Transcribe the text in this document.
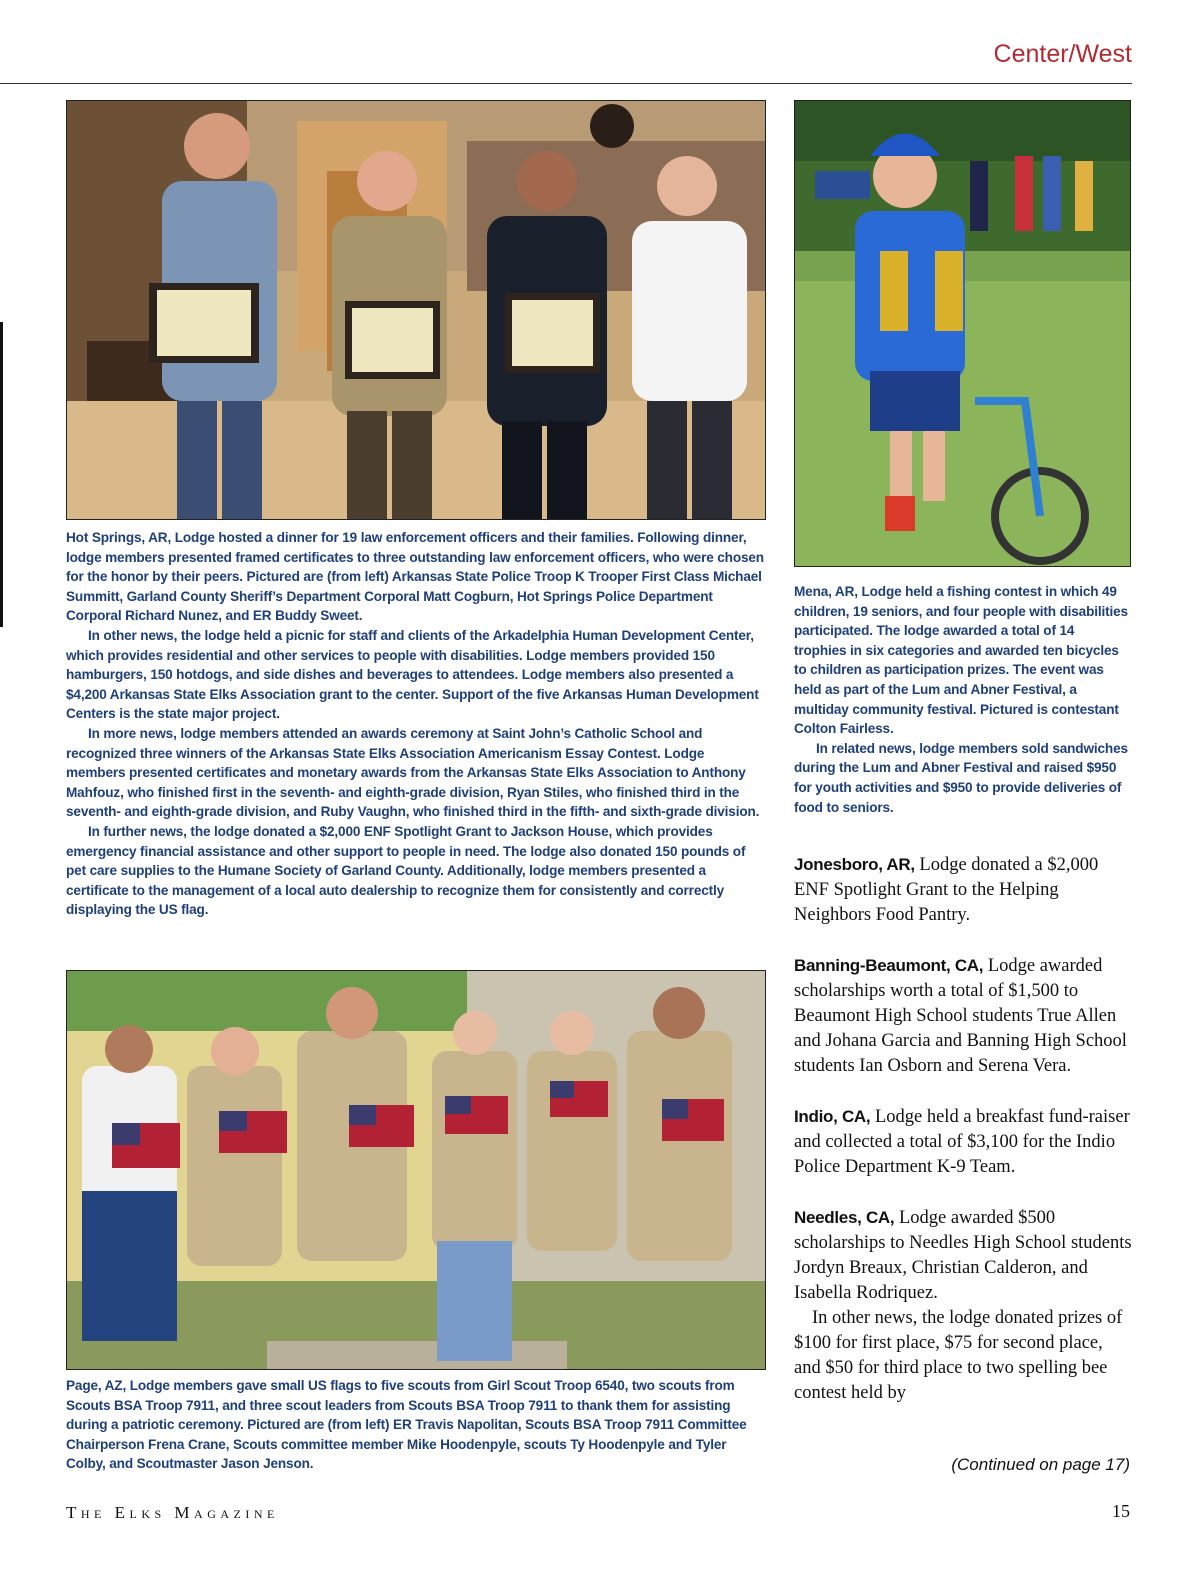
Center/West

Hot Springs, AR, Lodge hosted a dinner for 19 law enforcement officers and their families. Following dinner, lodge members presented framed certificates to three outstanding law enforcement officers, who were chosen for the honor by their peers. Pictured are (from left) Arkansas State Police Troop K Trooper First Class Michael Summitt, Garland County Sheriff’s Department Corporal Matt Cogburn, Hot Springs Police Department Corporal Richard Nunez, and ER Buddy Sweet.

In other news, the lodge held a picnic for staff and clients of the Arkadelphia Human Development Center, which provides residential and other services to people with disabilities. Lodge members provided 150 hamburgers, 150 hotdogs, and side dishes and beverages to attendees. Lodge members also presented a $4,200 Arkansas State Elks Association grant to the center. Support of the five Arkansas Human Development Centers is the state major project.

In more news, lodge members attended an awards ceremony at Saint John’s Catholic School and recognized three winners of the Arkansas State Elks Association Americanism Essay Contest. Lodge members presented certificates and monetary awards from the Arkansas State Elks Association to Anthony Mahfouz, who finished first in the seventh- and eighth-grade division, Ryan Stiles, who finished third in the seventh- and eighth-grade division, and Ruby Vaughn, who finished third in the fifth- and sixth-grade division.

In further news, the lodge donated a $2,000 ENF Spotlight Grant to Jackson House, which provides emergency financial assistance and other support to people in need. The lodge also donated 150 pounds of pet care supplies to the Humane Society of Garland County. Additionally, lodge members presented a certificate to the management of a local auto dealership to recognize them for consistently and correctly displaying the US flag.

Mena, AR, Lodge held a fishing contest in which 49 children, 19 seniors, and four people with disabilities participated. The lodge awarded a total of 14 trophies in six categories and awarded ten bicycles to children as participation prizes. The event was held as part of the Lum and Abner Festival, a multiday community festival. Pictured is contestant Colton Fairless.

In related news, lodge members sold sandwiches during the Lum and Abner Festival and raised $950 for youth activities and $950 to provide deliveries of food to seniors.

Page, AZ, Lodge members gave small US flags to five scouts from Girl Scout Troop 6540, two scouts from Scouts BSA Troop 7911, and three scout leaders from Scouts BSA Troop 7911 to thank them for assisting during a patriotic ceremony. Pictured are (from left) ER Travis Napolitan, Scouts BSA Troop 7911 Committee Chairperson Frena Crane, Scouts committee member Mike Hoodenpyle, scouts Ty Hoodenpyle and Tyler Colby, and Scoutmaster Jason Jenson.

Jonesboro, AR, Lodge donated a $2,000 ENF Spotlight Grant to the Helping Neighbors Food Pantry.

Banning-Beaumont, CA, Lodge awarded scholarships worth a total of $1,500 to Beaumont High School students True Allen and Johana Garcia and Banning High School students Ian Osborn and Serena Vera.

Indio, CA, Lodge held a breakfast fund-raiser and collected a total of $3,100 for the Indio Police Department K-9 Team.

Needles, CA, Lodge awarded $500 scholarships to Needles High School students Jordyn Breaux, Christian Calderon, and Isabella Rodriquez.

In other news, the lodge donated prizes of $100 for first place, $75 for second place, and $50 for third place to two spelling bee contest held by

(Continued on page 17)
The Elks Magazine	15
